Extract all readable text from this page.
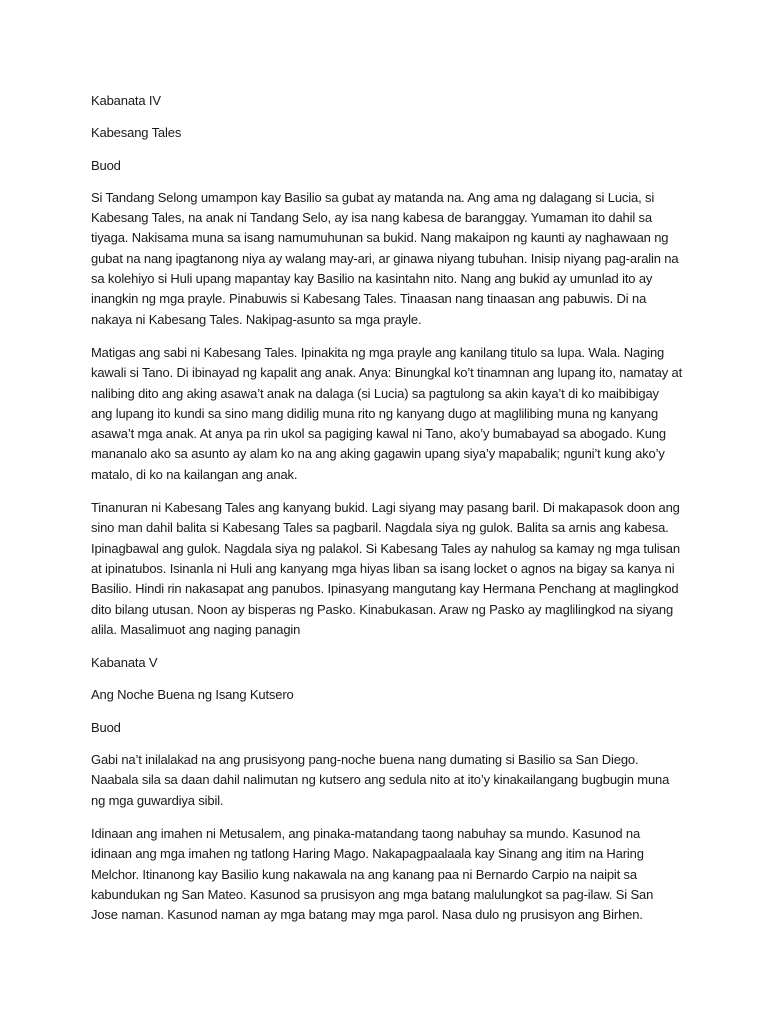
Kabanata IV

Kabesang Tales

Buod

Si Tandang Selong umampon kay Basilio sa gubat ay matanda na. Ang ama ng dalagang si Lucia, si Kabesang Tales, na anak ni Tandang Selo, ay isa nang kabesa de baranggay. Yumaman ito dahil sa tiyaga. Nakisama muna sa isang namumuhunan sa bukid. Nang makaipon ng kaunti ay naghawaan ng gubat na nang ipagtanong niya ay walang may-ari, ar ginawa niyang tubuhan. Inisip niyang pag-aralin na sa kolehiyo si Huli upang mapantay kay Basilio na kasintahn nito. Nang ang bukid ay umunlad ito ay inangkin ng mga prayle. Pinabuwis si Kabesang Tales. Tinaasan nang tinaasan ang pabuwis. Di na nakaya ni Kabesang Tales. Nakipag-asunto sa mga prayle.

Matigas ang sabi ni Kabesang Tales. Ipinakita ng mga prayle ang kanilang titulo sa lupa. Wala. Naging kawali si Tano. Di ibinayad ng kapalit ang anak. Anya: Binungkal ko’t tinamnan ang lupang ito, namatay at nalibing dito ang aking asawa’t anak na dalaga (si Lucia) sa pagtulong sa akin kaya’t di ko maibibigay ang lupang ito kundi sa sino mang didilig muna rito ng kanyang dugo at maglilibing muna ng kanyang asawa’t mga anak. At anya pa rin ukol sa pagiging kawal ni Tano, ako’y bumabayad sa abogado. Kung mananalo ako sa asunto ay alam ko na ang aking gagawin upang siya’y mapabalik; nguni’t kung ako’y matalo, di ko na kailangan ang anak.

Tinanuran ni Kabesang Tales ang kanyang bukid. Lagi siyang may pasang baril. Di makapasok doon ang sino man dahil balita si Kabesang Tales sa pagbaril. Nagdala siya ng gulok. Balita sa arnis ang kabesa. Ipinagbawal ang gulok. Nagdala siya ng palakol. Si Kabesang Tales ay nahulog sa kamay ng mga tulisan at ipinatubos. Isinanla ni Huli ang kanyang mga hiyas liban sa isang locket o agnos na bigay sa kanya ni Basilio. Hindi rin nakasapat ang panubos. Ipinasyang mangutang kay Hermana Penchang at maglingkod dito bilang utusan. Noon ay bisperas ng Pasko. Kinabukasan. Araw ng Pasko ay maglilingkod na siyang alila. Masalimuot ang naging panagin

Kabanata V

Ang Noche Buena ng Isang Kutsero

Buod

Gabi na’t inilalakad na ang prusisyong pang-noche buena nang dumating si Basilio sa San Diego. Naabala sila sa daan dahil nalimutan ng kutsero ang sedula nito at ito’y kinakailangang bugbugin muna ng mga guwardiya sibil.

Idinaan ang imahen ni Metusalem, ang pinaka-matandang taong nabuhay sa mundo. Kasunod na idinaan ang mga imahen ng tatlong Haring Mago. Nakapagpaalaala kay Sinang ang itim na Haring Melchor. Itinanong kay Basilio kung nakawala na ang kanang paa ni Bernardo Carpio na naipit sa kabundukan ng San Mateo. Kasunod sa prusisyon ang mga batang malulungkot sa pag-ilaw. Si San Jose naman. Kasunod naman ay mga batang may mga parol. Nasa dulo ng prusisyon ang Birhen.
